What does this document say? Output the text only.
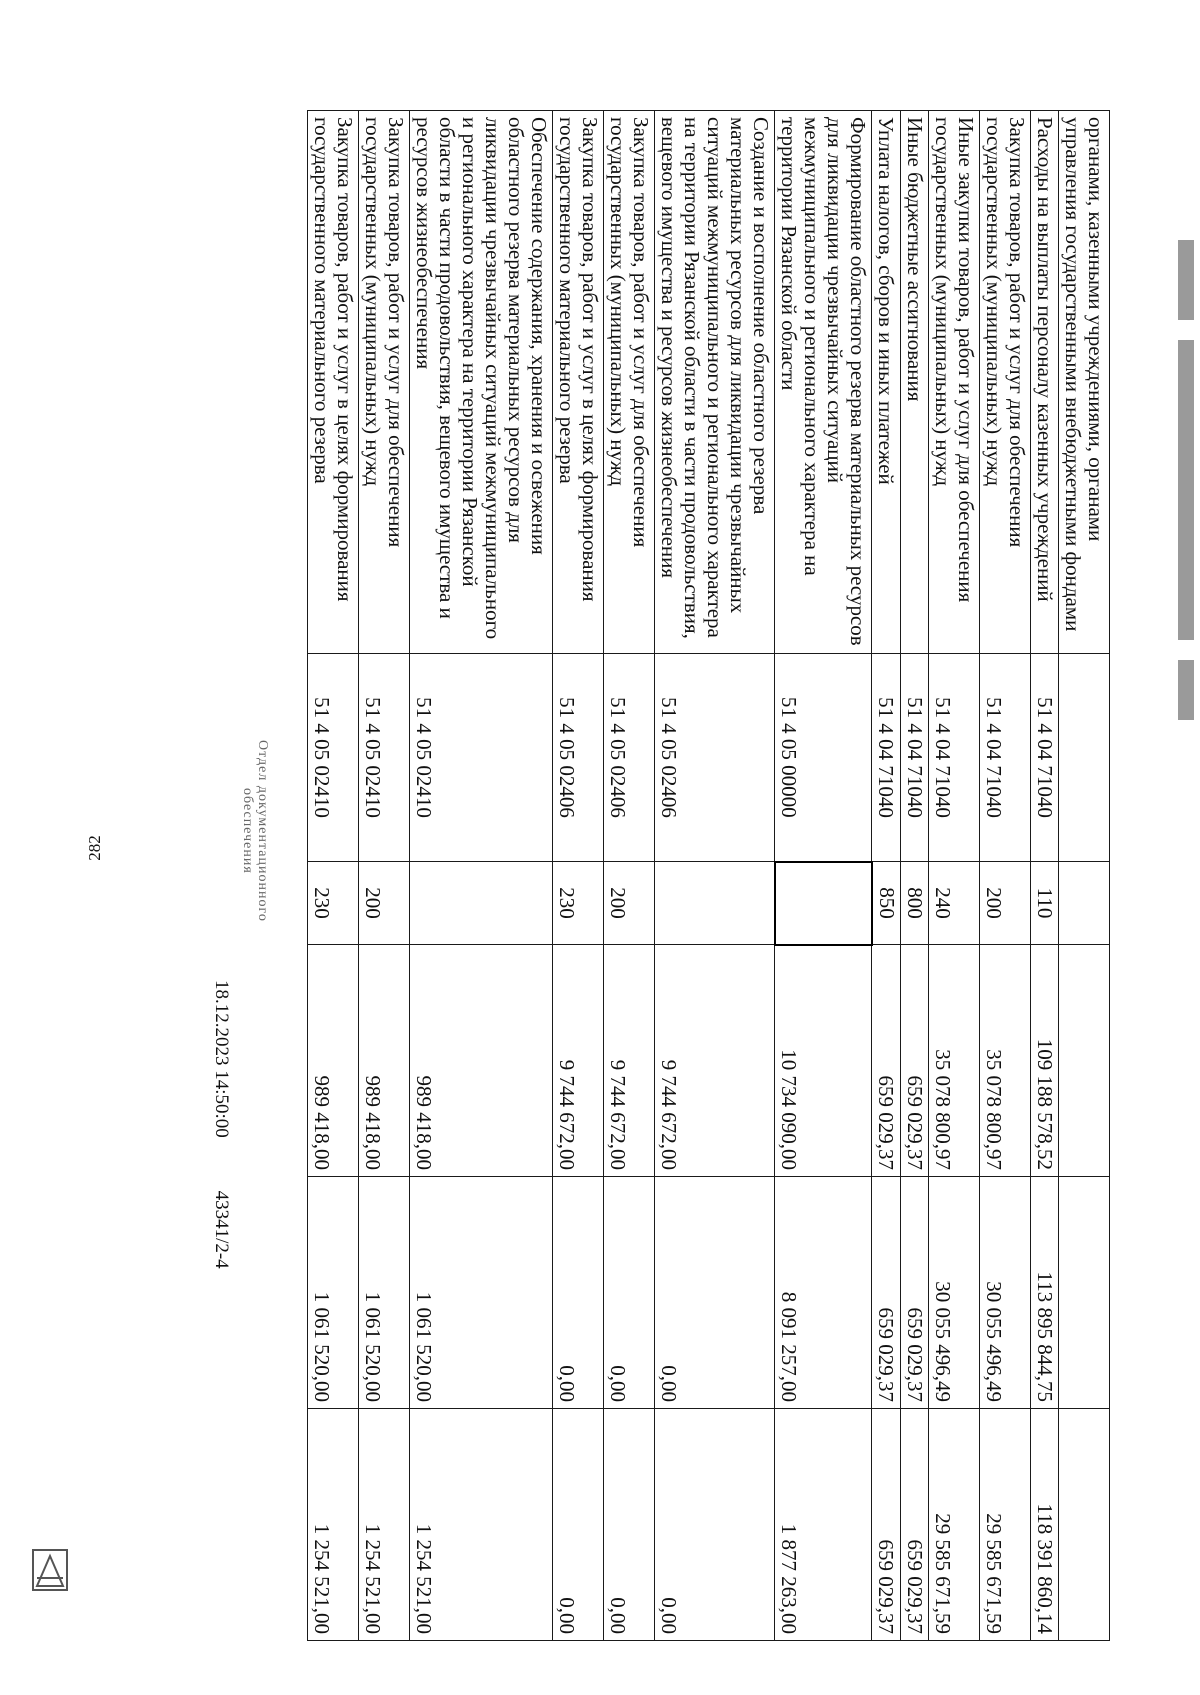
282
органами, казенными учреждениями, органами управления государственными внебюджетными фондами					
Расходы на выплаты персоналу казенных учреждений	51 4 04 71040	110	109 188 578,52	113 895 844,75	118 391 860,14
Закупка товаров, работ и услуг для обеспечения государственных (муниципальных) нужд	51 4 04 71040	200	35 078 800,97	30 055 496,49	29 585 671,59
Иные закупки товаров, работ и услуг для обеспечения государственных (муниципальных) нужд	51 4 04 71040	240	35 078 800,97	30 055 496,49	29 585 671,59
Иные бюджетные ассигнования	51 4 04 71040	800	659 029,37	659 029,37	659 029,37
Уплата налогов, сборов и иных платежей	51 4 04 71040	850	659 029,37	659 029,37	659 029,37
Формирование областного резерва материальных ресурсов для ликвидации чрезвычайных ситуаций межмуниципального и регионального характера на территории Рязанской области	51 4 05 00000		10 734 090,00	8 091 257,00	1 877 263,00
Создание и восполнение областного резерва материальных ресурсов для ликвидации чрезвычайных ситуаций межмуниципального и регионального характера на территории Рязанской области в части продовольствия, вещевого имущества и ресурсов жизнеобеспечения	51 4 05 02406		9 744 672,00	0,00	0,00
Закупка товаров, работ и услуг для обеспечения государственных (муниципальных) нужд	51 4 05 02406	200	9 744 672,00	0,00	0,00
Закупка товаров, работ и услуг в целях формирования государственного материального резерва	51 4 05 02406	230	9 744 672,00	0,00	0,00
Обеспечение содержания, хранения и освежения областного резерва материальных ресурсов для ликвидации чрезвычайных ситуаций межмуниципального и регионального характера на территории Рязанской области в части продовольствия, вещевого имущества и ресурсов жизнеобеспечения	51 4 05 02410		989 418,00	1 061 520,00	1 254 521,00
Закупка товаров, работ и услуг для обеспечения государственных (муниципальных) нужд	51 4 05 02410	200	989 418,00	1 061 520,00	1 254 521,00
Закупка товаров, работ и услуг в целях формирования государственного материального резерва	51 4 05 02410	230	989 418,00	1 061 520,00	1 254 521,00
Отдел документационного
обеспечения
18.12.2023 14:50:00 43341/2-4
